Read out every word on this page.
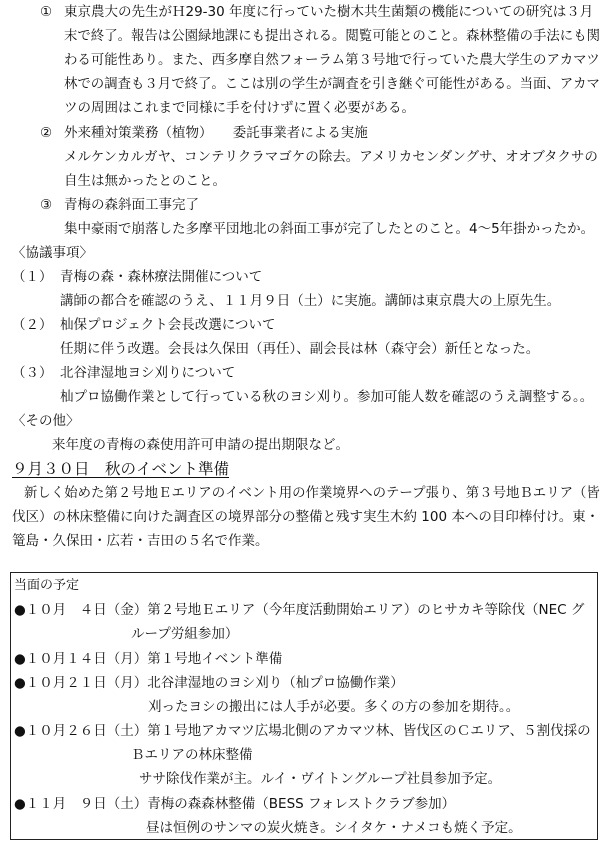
① 東京農大の先生がＨ29-30 年度に行っていた樹木共生菌類の機能についての研究は３月
末で終了。報告は公園緑地課にも提出される。閲覧可能とのこと。森林整備の手法にも関
わる可能性あり。また、西多摩自然フォーラム第３号地で行っていた農大学生のアカマツ
林での調査も３月で終了。ここは別の学生が調査を引き継ぐ可能性がある。当面、アカマ
ツの周囲はこれまで同様に手を付けずに置く必要がある。
② 外来種対策業務（植物）　　委託事業者による実施
メルケンカルガヤ、コンテリクラマゴケの除去。アメリカセンダングサ、オオブタクサの
自生は無かったとのこと。
③ 青梅の森斜面工事完了
集中豪雨で崩落した多摩平団地北の斜面工事が完了したとのこと。4～5年掛かったか。
〈協議事項〉
（１） 青梅の森・森林療法開催について
講師の都合を確認のうえ、１１月９日（土）に実施。講師は東京農大の上原先生。
（２） 杣保プロジェクト会長改選について
任期に伴う改選。会長は久保田（再任）、副会長は林（森守会）新任となった。
（３） 北谷津湿地ヨシ刈りについて
杣プロ協働作業として行っている秋のヨシ刈り。参加可能人数を確認のうえ調整する。。
〈その他〉
来年度の青梅の森使用許可申請の提出期限など。
９月３０日　秋のイベント準備
新しく始めた第２号地Ｅエリアのイベント用の作業境界へのテープ張り、第３号地Ｂエリア（皆
伐区）の林床整備に向けた調査区の境界部分の整備と残す実生木約 100 本への目印棒付け。東・
篭島・久保田・広若・吉田の５名で作業。
当面の予定
●１０月　４日（金）第２号地Ｅエリア（今年度活動開始エリア）のヒサカキ等除伐（NEC グ
ループ労組参加）
●１０月１４日（月）第１号地イベント準備
●１０月２１日（月）北谷津湿地のヨシ刈り（杣プロ協働作業）
刈ったヨシの搬出には人手が必要。多くの方の参加を期待。。
●１０月２６日（土）第１号地アカマツ広場北側のアカマツ林、皆伐区のＣエリア、５割伐採の
Ｂエリアの林床整備
ササ除伐作業が主。ルイ・ヴイトングループ社員参加予定。
●１１月　９日（土）青梅の森森林整備（BESS フォレストクラブ参加）
昼は恒例のサンマの炭火焼き。シイタケ・ナメコも焼く予定。
